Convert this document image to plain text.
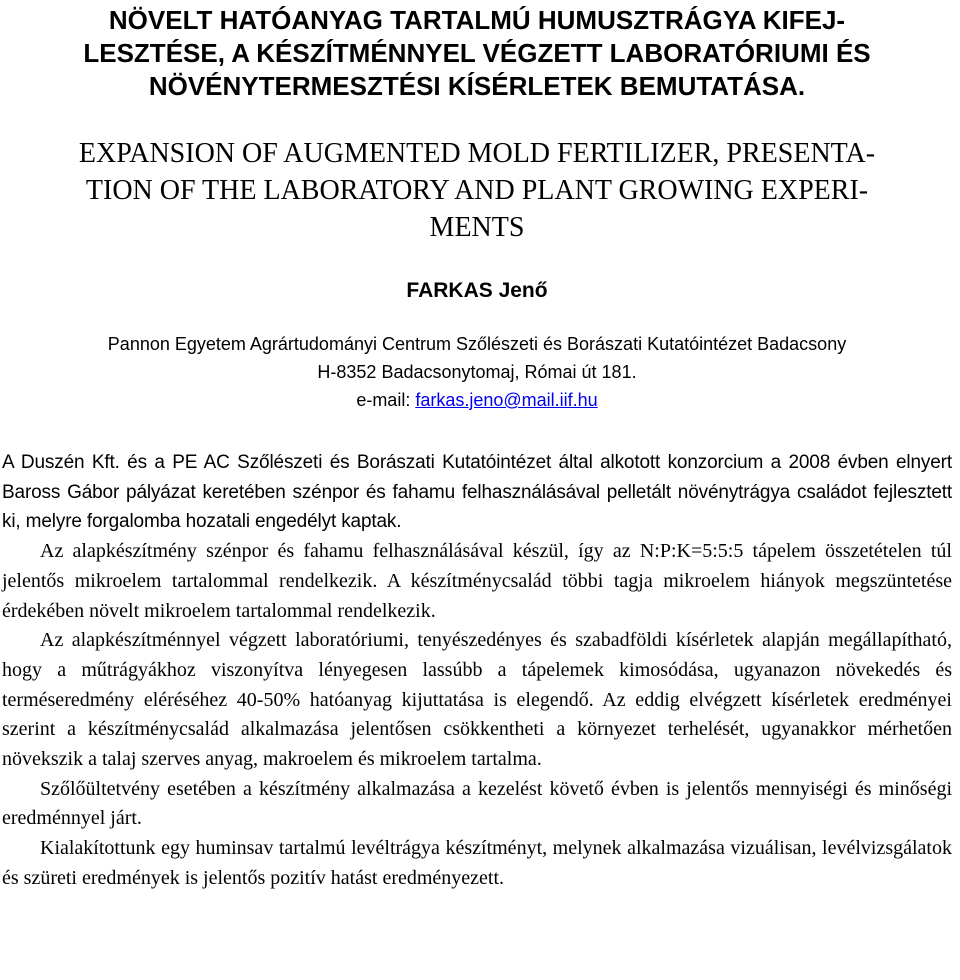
NÖVELT HATÓANYAG TARTALMÚ HUMUSZTRÁGYA KIFEJ-
LESZTÉSE, A KÉSZÍTMÉNNYEL VÉGZETT LABORATÓRIUMI ÉS
NÖVÉNYTERMESZTÉSI KÍSÉRLETEK BEMUTATÁSA.
EXPANSION OF AUGMENTED MOLD FERTILIZER, PRESENTA-
TION OF THE LABORATORY AND PLANT GROWING EXPERI-
MENTS
FARKAS Jenő
Pannon Egyetem Agrártudományi Centrum Szőlészeti és Borászati Kutatóintézet Badacsony
H-8352 Badacsonytomaj, Római út 181.
e-mail: farkas.jeno@mail.iif.hu

A Duszén Kft. és a PE AC Szőlészeti és Borászati Kutatóintézet által alkotott konzorcium a 2008 évben elnyert Baross Gábor pályázat keretében szénpor és fahamu felhasználásával pelletált növénytrágya családot fejlesztett ki, melyre forgalomba hozatali engedélyt kaptak.

Az alapkészítmény szénpor és fahamu felhasználásával készül, így az N:P:K=5:5:5 tápelem összetételen túl jelentős mikroelem tartalommal rendelkezik. A készítménycsalád többi tagja mikroelem hiányok megszüntetése érdekében növelt mikroelem tartalommal rendelkezik.

Az alapkészítménnyel végzett laboratóriumi, tenyészedényes és szabadföldi kísérletek alapján megállapítható, hogy a műtrágyákhoz viszonyítva lényegesen lassúbb a tápelemek kimosódása, ugyanazon növekedés és terméseredmény eléréséhez 40-50% hatóanyag kijuttatása is elegendő. Az eddig elvégzett kísérletek eredményei szerint a készítménycsalád alkalmazása jelentősen csökkentheti a környezet terhelését, ugyanakkor mérhetően növekszik a talaj szerves anyag, makroelem és mikroelem tartalma.

Szőlőültetvény esetében a készítmény alkalmazása a kezelést követő évben is jelentős mennyiségi és minőségi eredménnyel járt.

Kialakítottunk egy huminsav tartalmú levéltrágya készítményt, melynek alkalmazása vizuálisan, levélvizsgálatok és szüreti eredmények is jelentős pozitív hatást eredményezett.
